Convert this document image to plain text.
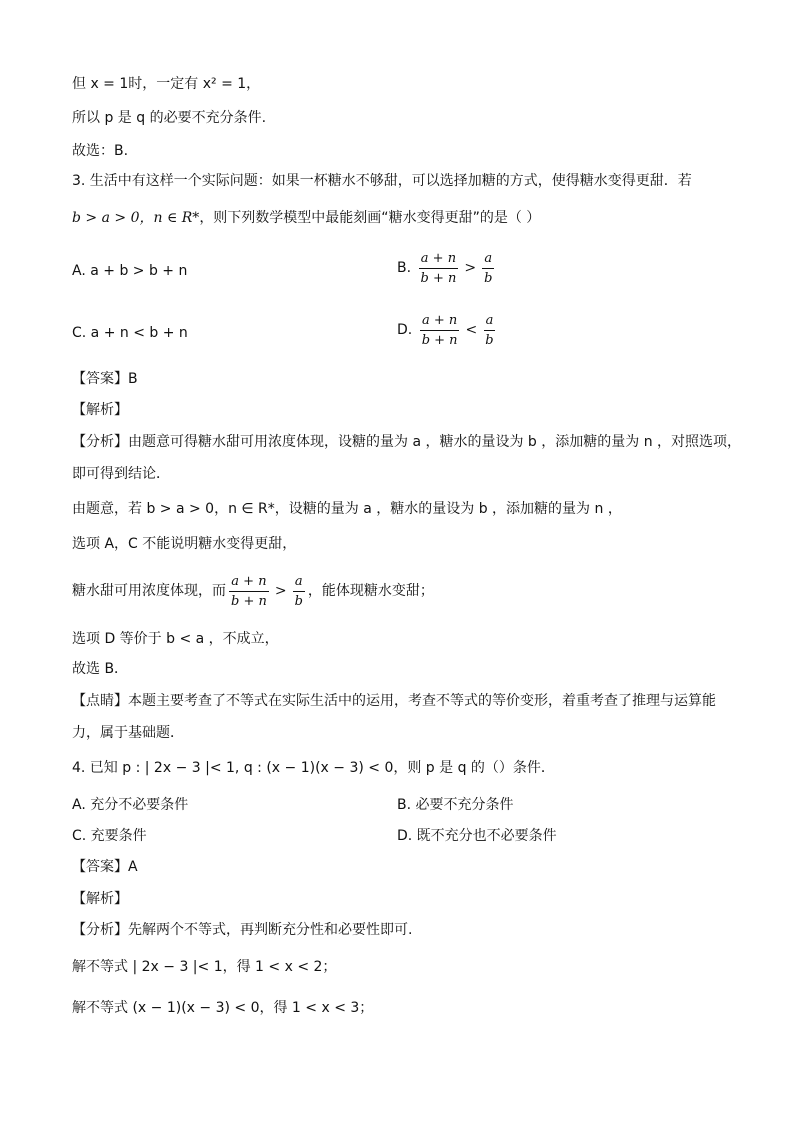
但 x = 1时，一定有 x² = 1，
所以 p 是 q 的必要不充分条件.
故选：B.
3. 生活中有这样一个实际问题：如果一杯糖水不够甜，可以选择加糖的方式，使得糖水变得更甜．若
b > a > 0，n ∈ R*，则下列数学模型中最能刻画“糖水变得更甜”的是（ ）
A. a + b > b + n	B. $\frac{a + n}{b + n} > \frac{a}{b}$
C. a + n < b + n	D. $\frac{a + n}{b + n} < \frac{a}{b}$
【答案】B
【解析】
【分析】由题意可得糖水甜可用浓度体现，设糖的量为 a ，糖水的量设为 b ，添加糖的量为 n ，对照选项，
即可得到结论．
由题意，若 b > a > 0，n ∈ R*，设糖的量为 a ，糖水的量设为 b ，添加糖的量为 n ，
选项 A，C 不能说明糖水变得更甜，
糖水甜可用浓度体现，而 $\frac{a + n}{b + n} > \frac{a}{b}$ ，能体现糖水变甜；
选项 D 等价于 b < a ，不成立，
故选 B．
【点睛】本题主要考查了不等式在实际生活中的运用，考查不等式的等价变形，着重考查了推理与运算能
力，属于基础题．
4. 已知 p : | 2x − 3 |< 1, q : (x − 1)(x − 3) < 0，则 p 是 q 的（）条件．
A. 充分不必要条件	B. 必要不充分条件
C. 充要条件	D. 既不充分也不必要条件
【答案】A
【解析】
【分析】先解两个不等式，再判断充分性和必要性即可.
解不等式 | 2x − 3 |< 1，得 1 < x < 2；
解不等式 (x − 1)(x − 3) < 0，得 1 < x < 3；
